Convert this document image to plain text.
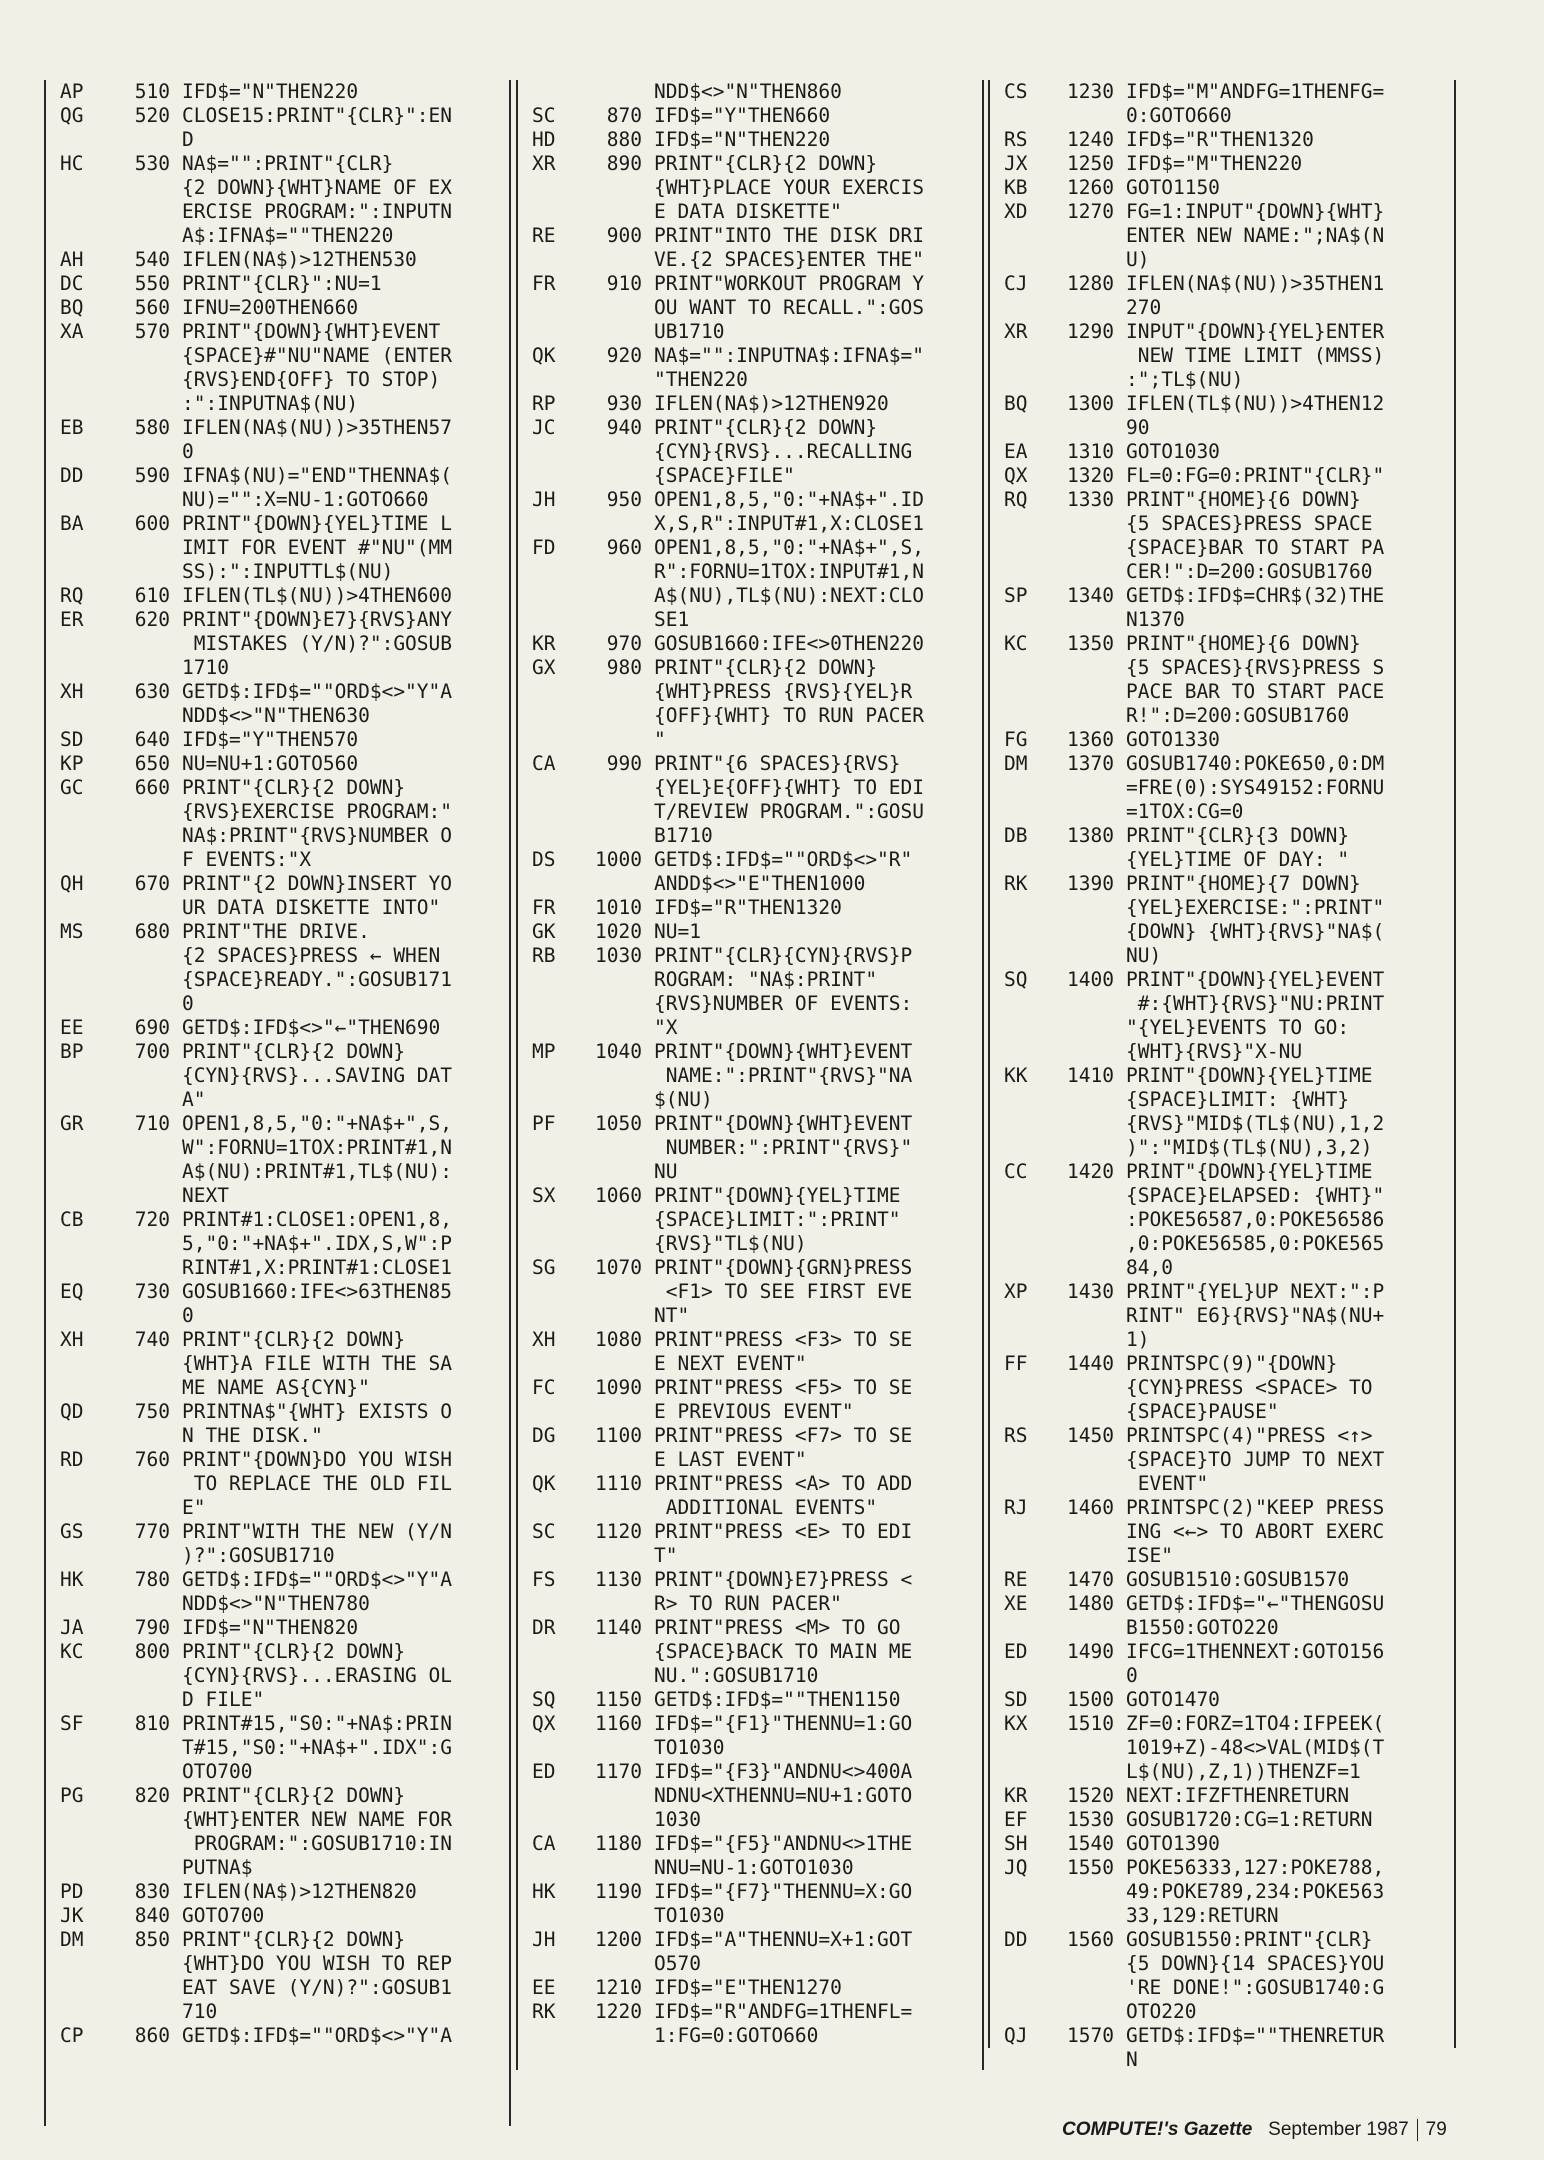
AP	510 IFD$="N"THEN220
QG	520 CLOSE15:PRINT"{CLR}":EN
D
HC	530 NA$="":PRINT"{CLR}
{2 DOWN}{WHT}NAME OF EX
ERCISE PROGRAM:":INPUTN
A$:IFNA$=""THEN220
AH	540 IFLEN(NA$)>12THEN530
DC	550 PRINT"{CLR}":NU=1
BQ	560 IFNU=200THEN660
XA	570 PRINT"{DOWN}{WHT}EVENT
{SPACE}#"NU"NAME (ENTER
{RVS}END{OFF} TO STOP)
:":INPUTNA$(NU)
EB	580 IFLEN(NA$(NU))>35THEN57
0
DD	590 IFNA$(NU)="END"THENNA$(
NU)="":X=NU-1:GOTO660
BA	600 PRINT"{DOWN}{YEL}TIME L
IMIT FOR EVENT #"NU"(MM
SS):":INPUTTL$(NU)
RQ	610 IFLEN(TL$(NU))>4THEN600
ER	620 PRINT"{DOWN}E7}{RVS}ANY
MISTAKES (Y/N)?":GOSUB
1710
XH	630 GETD$:IFD$=""ORD$<>"Y"A
NDD$<>"N"THEN630
SD	640 IFD$="Y"THEN570
KP	650 NU=NU+1:GOTO560
GC	660 PRINT"{CLR}{2 DOWN}
{RVS}EXERCISE PROGRAM:"
NA$:PRINT"{RVS}NUMBER O
F EVENTS:"X
QH	670 PRINT"{2 DOWN}INSERT YO
UR DATA DISKETTE INTO"
MS	680 PRINT"THE DRIVE.
{2 SPACES}PRESS ← WHEN
{SPACE}READY.":GOSUB171
0
EE	690 GETD$:IFD$<>"←"THEN690
BP	700 PRINT"{CLR}{2 DOWN}
{CYN}{RVS}...SAVING DAT
A"
GR	710 OPEN1,8,5,"0:"+NA$+",S,
W":FORNU=1TOX:PRINT#1,N
A$(NU):PRINT#1,TL$(NU):
NEXT
CB	720 PRINT#1:CLOSE1:OPEN1,8,
5,"0:"+NA$+".IDX,S,W":P
RINT#1,X:PRINT#1:CLOSE1
EQ	730 GOSUB1660:IFE<>63THEN85
0
XH	740 PRINT"{CLR}{2 DOWN}
{WHT}A FILE WITH THE SA
ME NAME AS{CYN}"
QD	750 PRINTNA$"{WHT} EXISTS O
N THE DISK."
RD	760 PRINT"{DOWN}DO YOU WISH
TO REPLACE THE OLD FIL
E"
GS	770 PRINT"WITH THE NEW (Y/N
)?":GOSUB1710
HK	780 GETD$:IFD$=""ORD$<>"Y"A
NDD$<>"N"THEN780
JA	790 IFD$="N"THEN820
KC	800 PRINT"{CLR}{2 DOWN}
{CYN}{RVS}...ERASING OL
D FILE"
SF	810 PRINT#15,"S0:"+NA$:PRIN
T#15,"S0:"+NA$+".IDX":G
OTO700
PG	820 PRINT"{CLR}{2 DOWN}
{WHT}ENTER NEW NAME FOR
PROGRAM:":GOSUB1710:IN
PUTNA$
PD	830 IFLEN(NA$)>12THEN820
JK	840 GOTO700
DM	850 PRINT"{CLR}{2 DOWN}
{WHT}DO YOU WISH TO REP
EAT SAVE (Y/N)?":GOSUB1
710
CP	860 GETD$:IFD$=""ORD$<>"Y"A
NDD$<>"N"THEN860
SC	870 IFD$="Y"THEN660
HD	880 IFD$="N"THEN220
XR	890 PRINT"{CLR}{2 DOWN}
{WHT}PLACE YOUR EXERCIS
E DATA DISKETTE"
RE	900 PRINT"INTO THE DISK DRI
VE.{2 SPACES}ENTER THE"
FR	910 PRINT"WORKOUT PROGRAM Y
OU WANT TO RECALL.":GOS
UB1710
QK	920 NA$="":INPUTNA$:IFNA$="
"THEN220
RP	930 IFLEN(NA$)>12THEN920
JC	940 PRINT"{CLR}{2 DOWN}
{CYN}{RVS}...RECALLING
{SPACE}FILE"
JH	950 OPEN1,8,5,"0:"+NA$+".ID
X,S,R":INPUT#1,X:CLOSE1
FD	960 OPEN1,8,5,"0:"+NA$+",S,
R":FORNU=1TOX:INPUT#1,N
A$(NU),TL$(NU):NEXT:CLO
SE1
KR	970 GOSUB1660:IFE<>0THEN220
GX	980 PRINT"{CLR}{2 DOWN}
{WHT}PRESS {RVS}{YEL}R
{OFF}{WHT} TO RUN PACER
"
CA	990 PRINT"{6 SPACES}{RVS}
{YEL}E{OFF}{WHT} TO EDI
T/REVIEW PROGRAM.":GOSU
B1710
DS	1000 GETD$:IFD$=""ORD$<>"R"
ANDD$<>"E"THEN1000
FR	1010 IFD$="R"THEN1320
GK	1020 NU=1
RB	1030 PRINT"{CLR}{CYN}{RVS}P
ROGRAM: "NA$:PRINT"
{RVS}NUMBER OF EVENTS:
"X
MP	1040 PRINT"{DOWN}{WHT}EVENT
NAME:":PRINT"{RVS}"NA
$(NU)
PF	1050 PRINT"{DOWN}{WHT}EVENT
NUMBER:":PRINT"{RVS}"
NU
SX	1060 PRINT"{DOWN}{YEL}TIME
{SPACE}LIMIT:":PRINT"
{RVS}"TL$(NU)
SG	1070 PRINT"{DOWN}{GRN}PRESS
<F1> TO SEE FIRST EVE
NT"
XH	1080 PRINT"PRESS <F3> TO SE
E NEXT EVENT"
FC	1090 PRINT"PRESS <F5> TO SE
E PREVIOUS EVENT"
DG	1100 PRINT"PRESS <F7> TO SE
E LAST EVENT"
QK	1110 PRINT"PRESS <A> TO ADD
ADDITIONAL EVENTS"
SC	1120 PRINT"PRESS <E> TO EDI
T"
FS	1130 PRINT"{DOWN}E7}PRESS <
R> TO RUN PACER"
DR	1140 PRINT"PRESS <M> TO GO
{SPACE}BACK TO MAIN ME
NU.":GOSUB1710
SQ	1150 GETD$:IFD$=""THEN1150
QX	1160 IFD$="{F1}"THENNU=1:GO
TO1030
ED	1170 IFD$="{F3}"ANDNU<>400A
NDNU<XTHENNU=NU+1:GOTO
1030
CA	1180 IFD$="{F5}"ANDNU<>1THE
NNU=NU-1:GOTO1030
HK	1190 IFD$="{F7}"THENNU=X:GO
TO1030
JH	1200 IFD$="A"THENNU=X+1:GOT
O570
EE	1210 IFD$="E"THEN1270
RK	1220 IFD$="R"ANDFG=1THENFL=
1:FG=0:GOTO660
CS	1230 IFD$="M"ANDFG=1THENFG=
0:GOTO660
RS	1240 IFD$="R"THEN1320
JX	1250 IFD$="M"THEN220
KB	1260 GOTO1150
XD	1270 FG=1:INPUT"{DOWN}{WHT}
ENTER NEW NAME:";NA$(N
U)
CJ	1280 IFLEN(NA$(NU))>35THEN1
270
XR	1290 INPUT"{DOWN}{YEL}ENTER
NEW TIME LIMIT (MMSS)
:";TL$(NU)
BQ	1300 IFLEN(TL$(NU))>4THEN12
90
EA	1310 GOTO1030
QX	1320 FL=0:FG=0:PRINT"{CLR}"
RQ	1330 PRINT"{HOME}{6 DOWN}
{5 SPACES}PRESS SPACE
{SPACE}BAR TO START PA
CER!":D=200:GOSUB1760
SP	1340 GETD$:IFD$=CHR$(32)THE
N1370
KC	1350 PRINT"{HOME}{6 DOWN}
{5 SPACES}{RVS}PRESS S
PACE BAR TO START PACE
R!":D=200:GOSUB1760
FG	1360 GOTO1330
DM	1370 GOSUB1740:POKE650,0:DM
=FRE(0):SYS49152:FORNU
=1TOX:CG=0
DB	1380 PRINT"{CLR}{3 DOWN}
{YEL}TIME OF DAY: "
RK	1390 PRINT"{HOME}{7 DOWN}
{YEL}EXERCISE:":PRINT"
{DOWN} {WHT}{RVS}"NA$(
NU)
SQ	1400 PRINT"{DOWN}{YEL}EVENT
#:{WHT}{RVS}"NU:PRINT
"{YEL}EVENTS TO GO:
{WHT}{RVS}"X-NU
KK	1410 PRINT"{DOWN}{YEL}TIME
{SPACE}LIMIT: {WHT}
{RVS}"MID$(TL$(NU),1,2
)":"MID$(TL$(NU),3,2)
CC	1420 PRINT"{DOWN}{YEL}TIME
{SPACE}ELAPSED: {WHT}"
:POKE56587,0:POKE56586
,0:POKE56585,0:POKE565
84,0
XP	1430 PRINT"{YEL}UP NEXT:":P
RINT" E6}{RVS}"NA$(NU+
1)
FF	1440 PRINTSPC(9)"{DOWN}
{CYN}PRESS <SPACE> TO
{SPACE}PAUSE"
RS	1450 PRINTSPC(4)"PRESS <↑>
{SPACE}TO JUMP TO NEXT
EVENT"
RJ	1460 PRINTSPC(2)"KEEP PRESS
ING <←> TO ABORT EXERC
ISE"
RE	1470 GOSUB1510:GOSUB1570
XE	1480 GETD$:IFD$="←"THENGOSU
B1550:GOTO220
ED	1490 IFCG=1THENNEXT:GOTO156
0
SD	1500 GOTO1470
KX	1510 ZF=0:FORZ=1TO4:IFPEEK(
1019+Z)-48<>VAL(MID$(T
L$(NU),Z,1))THENZF=1
KR	1520 NEXT:IFZFTHENRETURN
EF	1530 GOSUB1720:CG=1:RETURN
SH	1540 GOTO1390
JQ	1550 POKE56333,127:POKE788,
49:POKE789,234:POKE563
33,129:RETURN
DD	1560 GOSUB1550:PRINT"{CLR}
{5 DOWN}{14 SPACES}YOU
'RE DONE!":GOSUB1740:G
OTO220
QJ	1570 GETD$:IFD$=""THENRETUR
N
COMPUTE!'s Gazette September 1987 79
